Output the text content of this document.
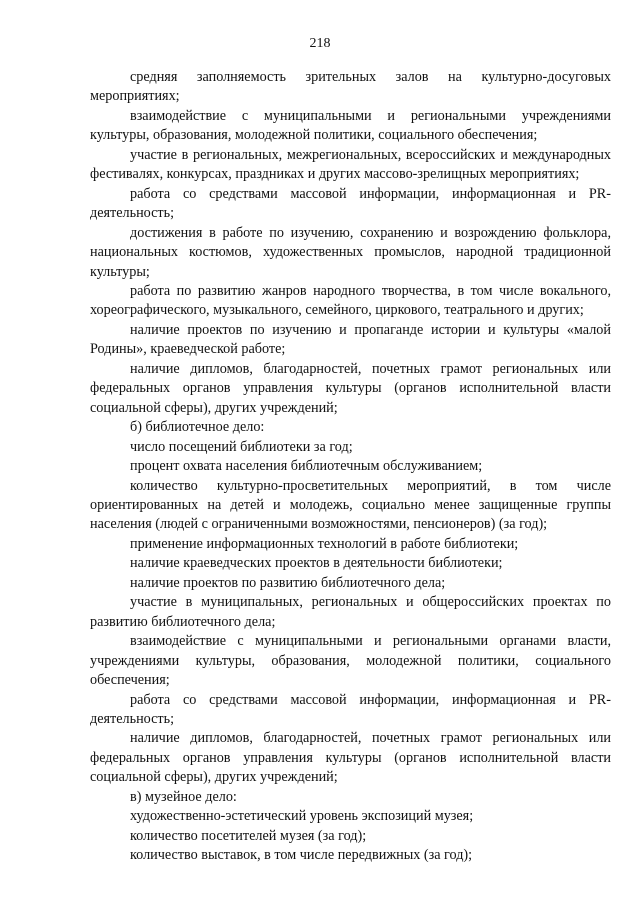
218

средняя заполняемость зрительных залов на культурно-досуговых мероприятиях;

взаимодействие с муниципальными и региональными учреждениями культуры, образования, молодежной политики, социального обеспечения;

участие в региональных, межрегиональных, всероссийских и международных фестивалях, конкурсах, праздниках и других массово-зрелищных мероприятиях;

работа со средствами массовой информации, информационная и PR-деятельность;

достижения в работе по изучению, сохранению и возрождению фольклора, национальных костюмов, художественных промыслов, народной традиционной культуры;

работа по развитию жанров народного творчества, в том числе вокального, хореографического, музыкального, семейного, циркового, театрального и других;

наличие проектов по изучению и пропаганде истории и культуры «малой Родины», краеведческой работе;

наличие дипломов, благодарностей, почетных грамот региональных или федеральных органов управления культуры (органов исполнительной власти социальной сферы), других учреждений;

б) библиотечное дело:

число посещений библиотеки за год;

процент охвата населения библиотечным обслуживанием;

количество культурно-просветительных мероприятий, в том числе ориентированных на детей и молодежь, социально менее защищенные группы населения (людей с ограниченными возможностями, пенсионеров) (за год);

применение информационных технологий в работе библиотеки;

наличие краеведческих проектов в деятельности библиотеки;

наличие проектов по развитию библиотечного дела;

участие в муниципальных, региональных и общероссийских проектах по развитию библиотечного дела;

взаимодействие с муниципальными и региональными органами власти, учреждениями культуры, образования, молодежной политики, социального обеспечения;

работа со средствами массовой информации, информационная и PR-деятельность;

наличие дипломов, благодарностей, почетных грамот региональных или федеральных органов управления культуры (органов исполнительной власти социальной сферы), других учреждений;

в) музейное дело:

художественно-эстетический уровень экспозиций музея;

количество посетителей музея (за год);

количество выставок, в том числе передвижных (за год);
